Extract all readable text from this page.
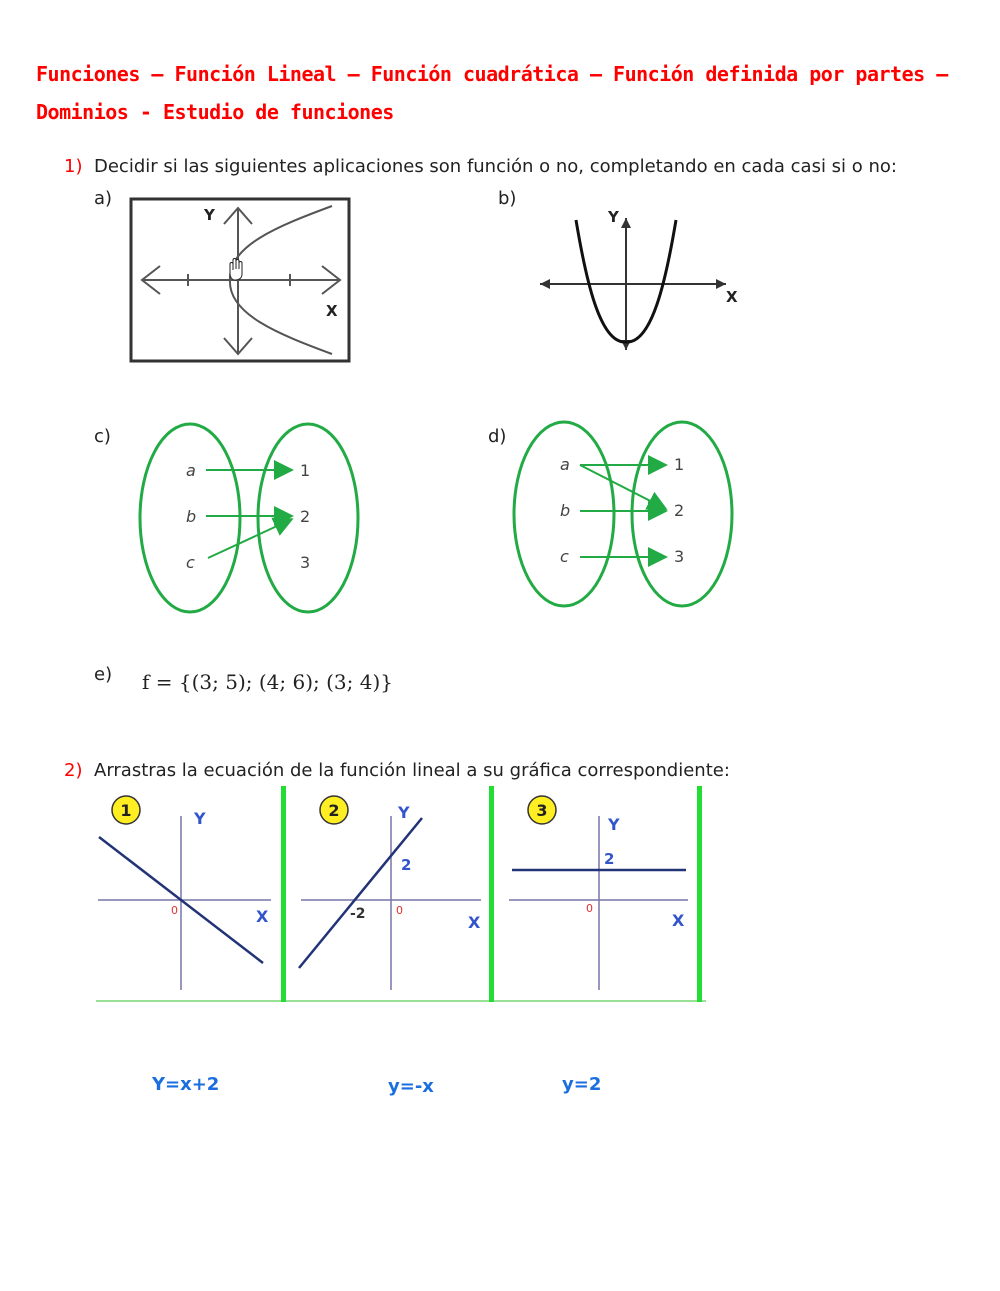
Funciones – Función Lineal – Función cuadrática – Función definida por partes –
Dominios - Estudio de funciones
1) Decidir si las siguientes aplicaciones son función o no, completando en cada casi si o no:
a)	b)
c)	d)
e)
Y
X
Y
X
a
b
c
1
2
3
a
b
c
1
2
3
f = {(3; 5); (4; 6); (3; 4)}
2) Arrastras la ecuación de la función lineal a su gráfica correspondiente:
1	Y
X
0
2	Y
X
0
2
-2
3
Y
X
0
2
Y=x+2	y=-x	y=2
